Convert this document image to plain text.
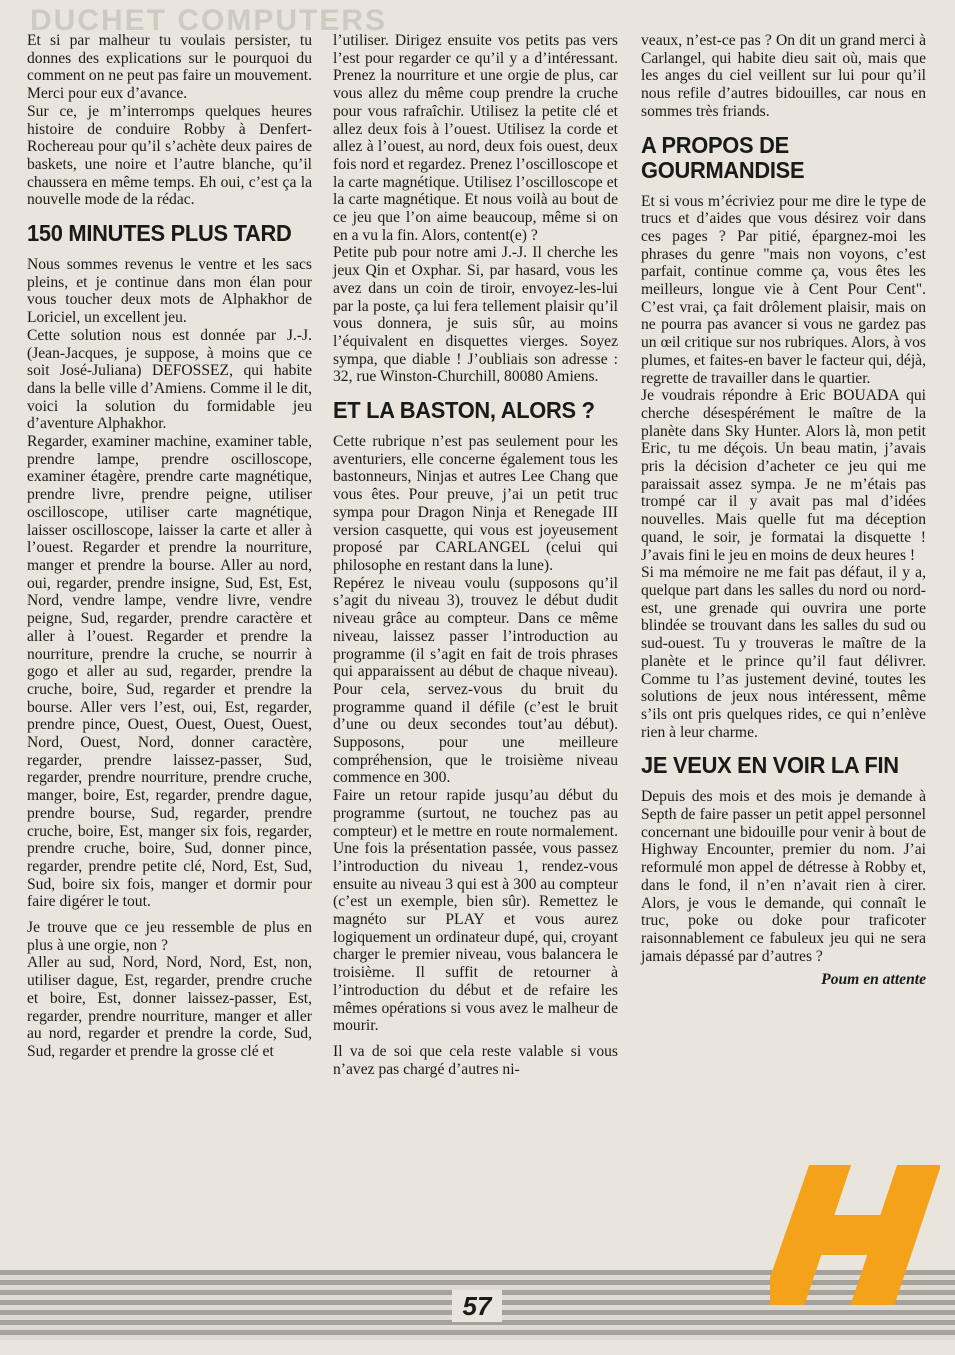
DUCHET COMPUTERS

Et si par malheur tu voulais persister, tu donnes des explications sur le pourquoi du comment on ne peut pas faire un mouvement. Merci pour eux d’avance.

Sur ce, je m’interromps quelques heures histoire de conduire Robby à Denfert-Rochereau pour qu’il s’achète deux paires de baskets, une noire et l’autre blanche, qu’il chaussera en même temps. Eh oui, c’est ça la nouvelle mode de la rédac.

150 MINUTES PLUS TARD

Nous sommes revenus le ventre et les sacs pleins, et je continue dans mon élan pour vous toucher deux mots de Alphakhor de Loriciel, un excellent jeu.

Cette solution nous est donnée par J.-J. (Jean-Jacques, je suppose, à moins que ce soit José-Juliana) DEFOSSEZ, qui habite dans la belle ville d’Amiens. Comme il le dit, voici la solution du formidable jeu d’aventure Alphakhor.

Regarder, examiner machine, examiner table, prendre lampe, prendre oscilloscope, examiner étagère, prendre carte magnétique, prendre livre, prendre peigne, utiliser oscilloscope, utiliser carte magnétique, laisser oscilloscope, laisser la carte et aller à l’ouest. Regarder et prendre la nourriture, manger et prendre la bourse. Aller au nord, oui, regarder, prendre insigne, Sud, Est, Est, Nord, vendre lampe, vendre livre, vendre peigne, Sud, regarder, prendre caractère et aller à l’ouest. Regarder et prendre la nourriture, prendre la cruche, se nourrir à gogo et aller au sud, regarder, prendre la cruche, boire, Sud, regarder et prendre la bourse. Aller vers l’est, oui, Est, regarder, prendre pince, Ouest, Ouest, Ouest, Ouest, Nord, Ouest, Nord, donner caractère, regarder, prendre laissez-passer, Sud, regarder, prendre nourriture, prendre cruche, manger, boire, Est, regarder, prendre dague, prendre bourse, Sud, regarder, prendre cruche, boire, Est, manger six fois, regarder, prendre cruche, boire, Sud, donner pince, regarder, prendre petite clé, Nord, Est, Sud, Sud, boire six fois, manger et dormir pour faire digérer le tout.

Je trouve que ce jeu ressemble de plus en plus à une orgie, non ?

Aller au sud, Nord, Nord, Nord, Est, non, utiliser dague, Est, regarder, prendre cruche et boire, Est, donner laissez-passer, Est, regarder, prendre nourriture, manger et aller au nord, regarder et prendre la corde, Sud, Sud, regarder et prendre la grosse clé et

l’utiliser. Dirigez ensuite vos petits pas vers l’est pour regarder ce qu’il y a d’intéressant. Prenez la nourriture et une orgie de plus, car vous allez du même coup prendre la cruche pour vous rafraîchir. Utilisez la petite clé et allez deux fois à l’ouest. Utilisez la corde et allez à l’ouest, au nord, deux fois ouest, deux fois nord et regardez. Prenez l’oscilloscope et la carte magnétique. Utilisez l’oscilloscope et la carte magnétique. Et nous voilà au bout de ce jeu que l’on aime beaucoup, même si on en a vu la fin. Alors, content(e) ?

Petite pub pour notre ami J.-J. Il cherche les jeux Qin et Oxphar. Si, par hasard, vous les avez dans un coin de tiroir, envoyez-les-lui par la poste, ça lui fera tellement plaisir qu’il vous donnera, je suis sûr, au moins l’équivalent en disquettes vierges. Soyez sympa, que diable ! J’oubliais son adresse : 32, rue Winston-Churchill, 80080 Amiens.

ET LA BASTON, ALORS ?

Cette rubrique n’est pas seulement pour les aventuriers, elle concerne également tous les bastonneurs, Ninjas et autres Lee Chang que vous êtes. Pour preuve, j’ai un petit truc sympa pour Dragon Ninja et Renegade III version casquette, qui vous est joyeusement proposé par CARLANGEL (celui qui philosophe en restant dans la lune).

Repérez le niveau voulu (supposons qu’il s’agit du niveau 3), trouvez le début dudit niveau grâce au compteur. Dans ce même niveau, laissez passer l’introduction au programme (il s’agit en fait de trois phrases qui apparaissent au début de chaque niveau). Pour cela, servez-vous du bruit du programme quand il défile (c’est le bruit d’une ou deux secondes tout’au début). Supposons, pour une meilleure compréhension, que le troisième niveau commence en 300.

Faire un retour rapide jusqu’au début du programme (surtout, ne touchez pas au compteur) et le mettre en route normalement. Une fois la présentation passée, vous passez l’introduction du niveau 1, rendez-vous ensuite au niveau 3 qui est à 300 au compteur (c’est un exemple, bien sûr). Remettez le magnéto sur PLAY et vous aurez logiquement un ordinateur dupé, qui, croyant charger le premier niveau, vous balancera le troisième. Il suffit de retourner à l’introduction du début et de refaire les mêmes opérations si vous avez le malheur de mourir.

Il va de soi que cela reste valable si vous n’avez pas chargé d’autres ni-

veaux, n’est-ce pas ? On dit un grand merci à Carlangel, qui habite dieu sait où, mais que les anges du ciel veillent sur lui pour qu’il nous refile d’autres bidouilles, car nous en sommes très friands.

A PROPOS DE GOURMANDISE

Et si vous m’écriviez pour me dire le type de trucs et d’aides que vous désirez voir dans ces pages ? Par pitié, épargnez-moi les phrases du genre "mais non voyons, c’est parfait, continue comme ça, vous êtes les meilleurs, longue vie à Cent Pour Cent". C’est vrai, ça fait drôlement plaisir, mais on ne pourra pas avancer si vous ne gardez pas un œil critique sur nos rubriques. Alors, à vos plumes, et faites-en baver le facteur qui, déjà, regrette de travailler dans le quartier.

Je voudrais répondre à Eric BOUADA qui cherche désespérément le maître de la planète dans Sky Hunter. Alors là, mon petit Eric, tu me déçois. Un beau matin, j’avais pris la décision d’acheter ce jeu qui me paraissait assez sympa. Je ne m’étais pas trompé car il y avait pas mal d’idées nouvelles. Mais quelle fut ma déception quand, le soir, je formatai la disquette ! J’avais fini le jeu en moins de deux heures !

Si ma mémoire ne me fait pas défaut, il y a, quelque part dans les salles du nord ou nord-est, une grenade qui ouvrira une porte blindée se trouvant dans les salles du sud ou sud-ouest. Tu y trouveras le maître de la planète et le prince qu’il faut délivrer. Comme tu l’as justement deviné, toutes les solutions de jeux nous intéressent, même s’ils ont pris quelques rides, ce qui n’enlève rien à leur charme.

JE VEUX EN VOIR LA FIN

Depuis des mois et des mois je demande à Septh de faire passer un petit appel personnel concernant une bidouille pour venir à bout de Highway Encounter, premier du nom. J’ai reformulé mon appel de détresse à Robby et, dans le fond, il n’en n’avait rien à cirer. Alors, je vous le demande, qui connaît le truc, poke ou doke pour traficoter raisonnablement ce fabuleux jeu qui ne sera jamais dépassé par d’autres ?

Poum en attente

57
